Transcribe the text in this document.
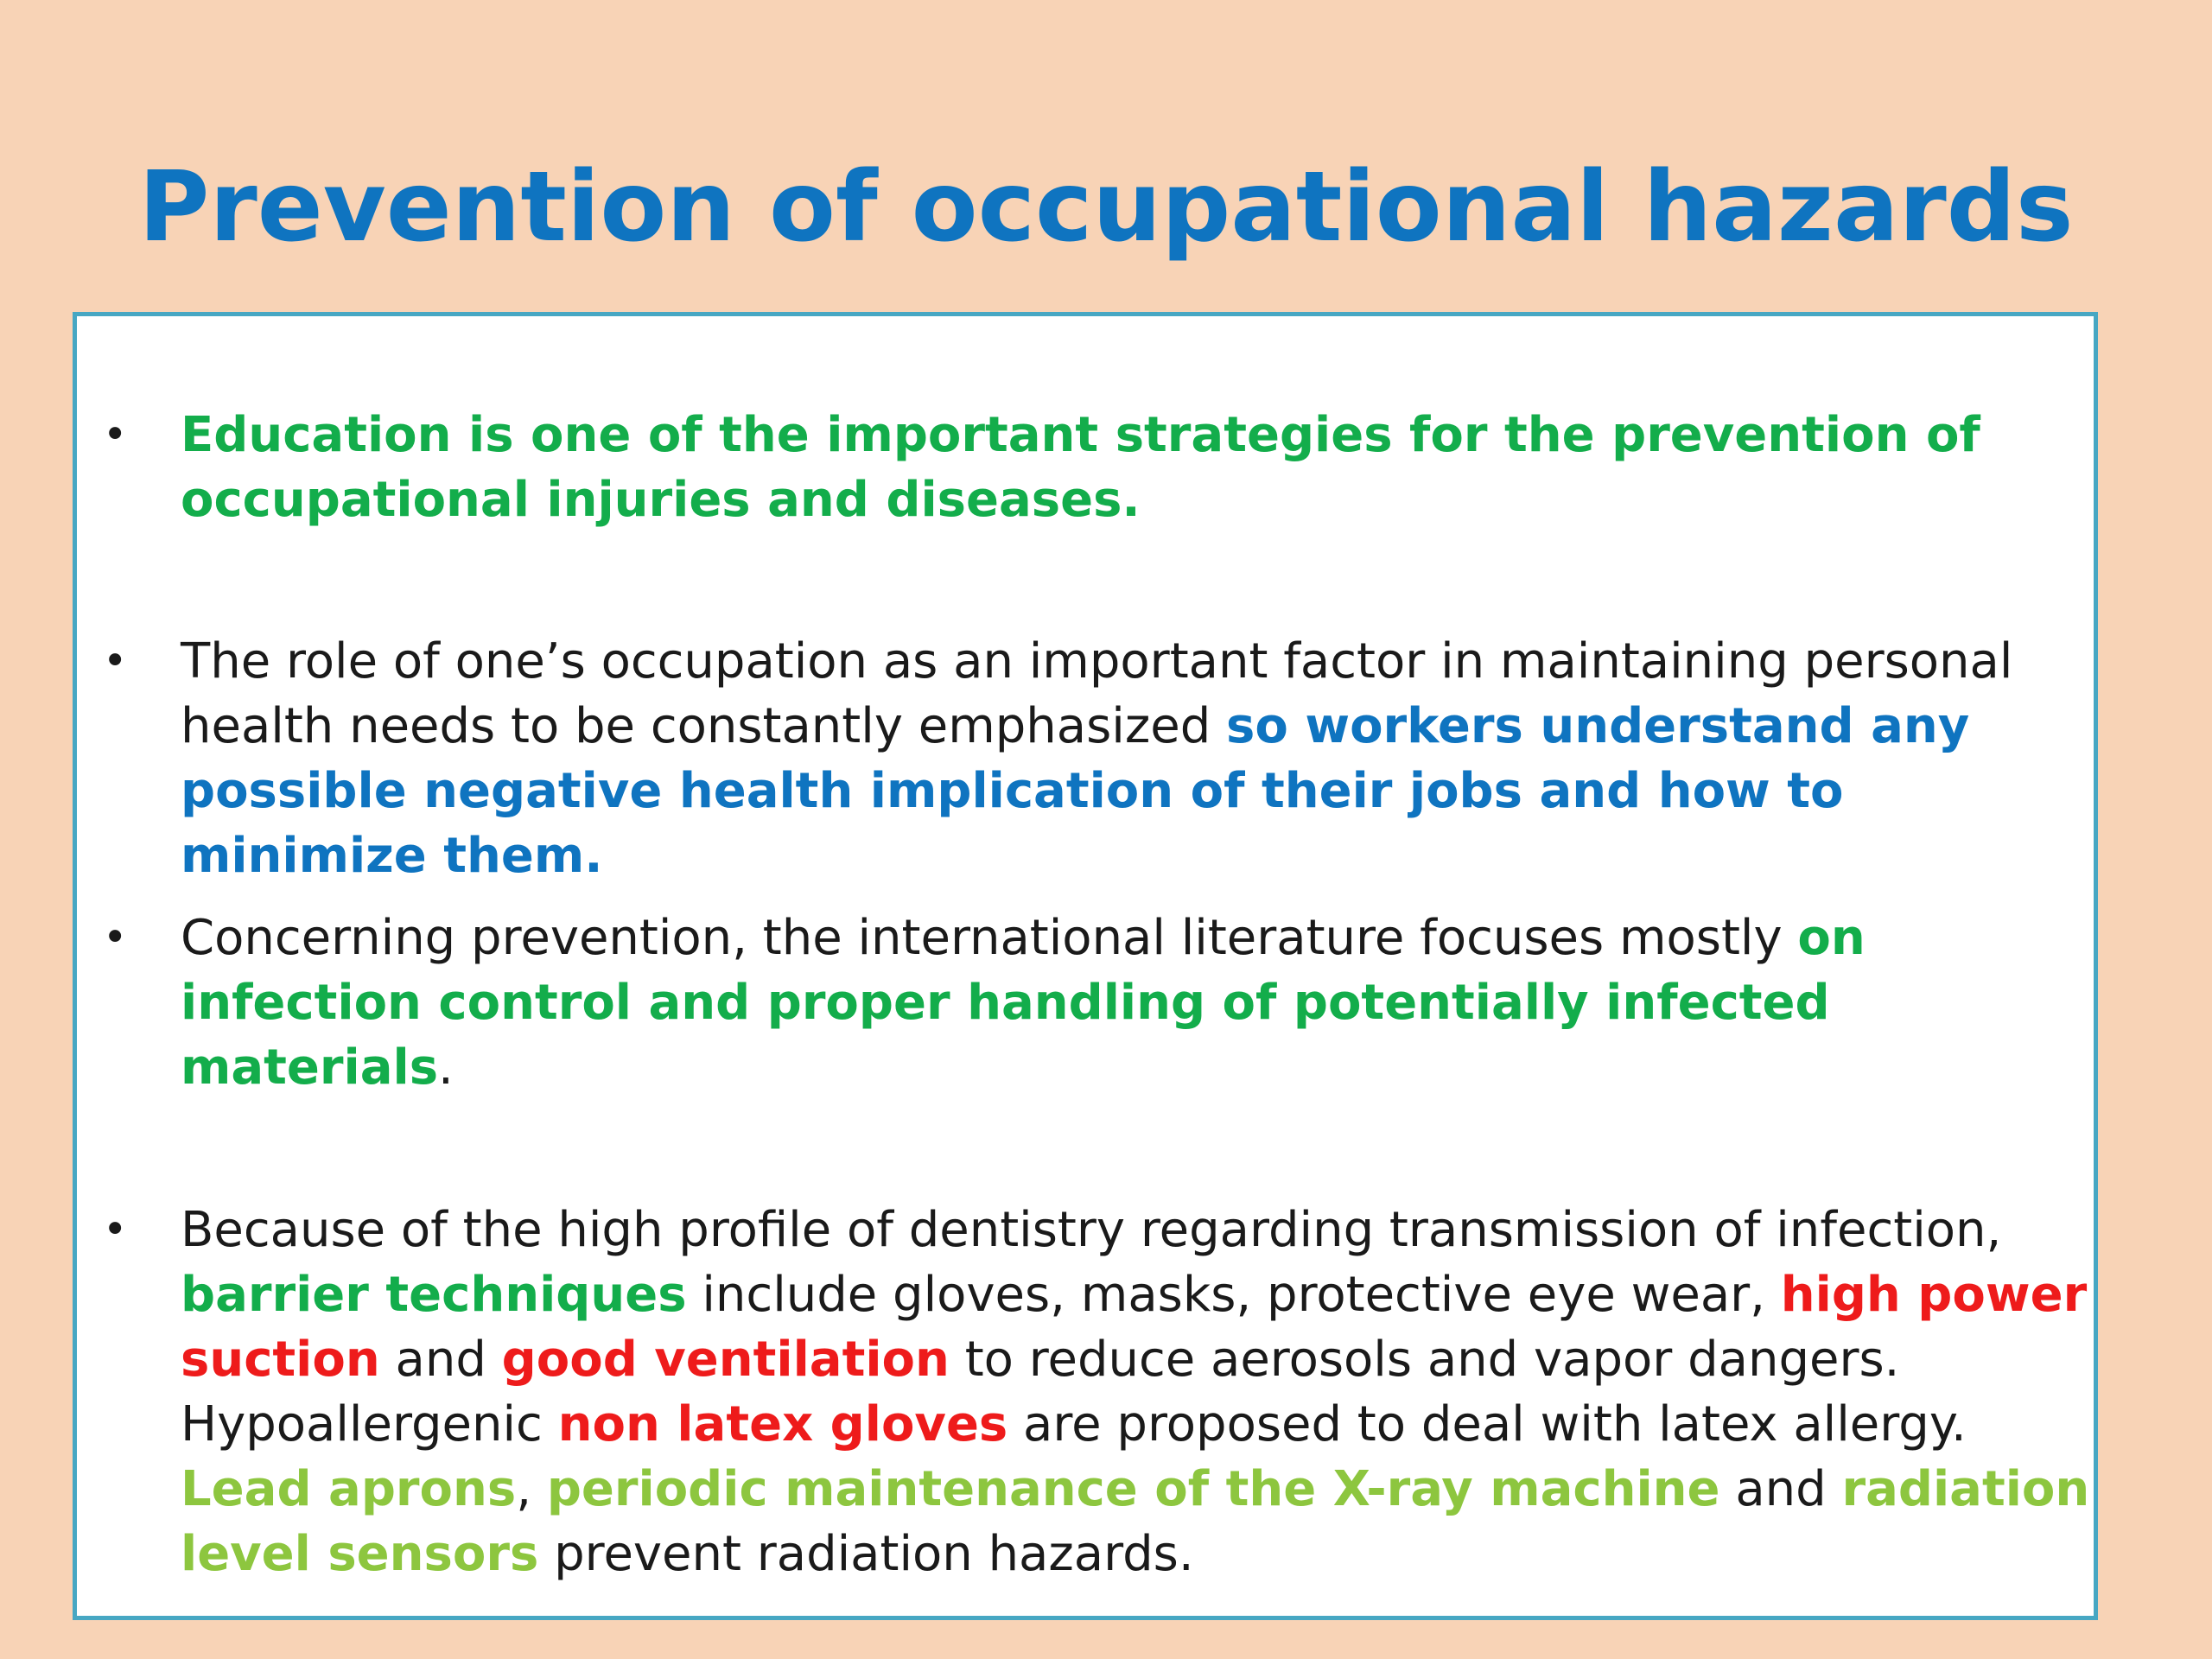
Prevention of occupational hazards
• Education is one of the important strategies for the prevention of occupational injuries and diseases.
• The role of one’s occupation as an important factor in maintaining personal health needs to be constantly emphasized so workers understand any possible negative health implication of their jobs and how to minimize them.
• Concerning prevention, the international literature focuses mostly on infection control and proper handling of potentially infected materials.
• Because of the high profile of dentistry regarding transmission of infection, barrier techniques include gloves, masks, protective eye wear, high power suction and good ventilation to reduce aerosols and vapor dangers. Hypoallergenic non latex gloves are proposed to deal with latex allergy. Lead aprons, periodic maintenance of the X-ray machine and radiation level sensors prevent radiation hazards.
